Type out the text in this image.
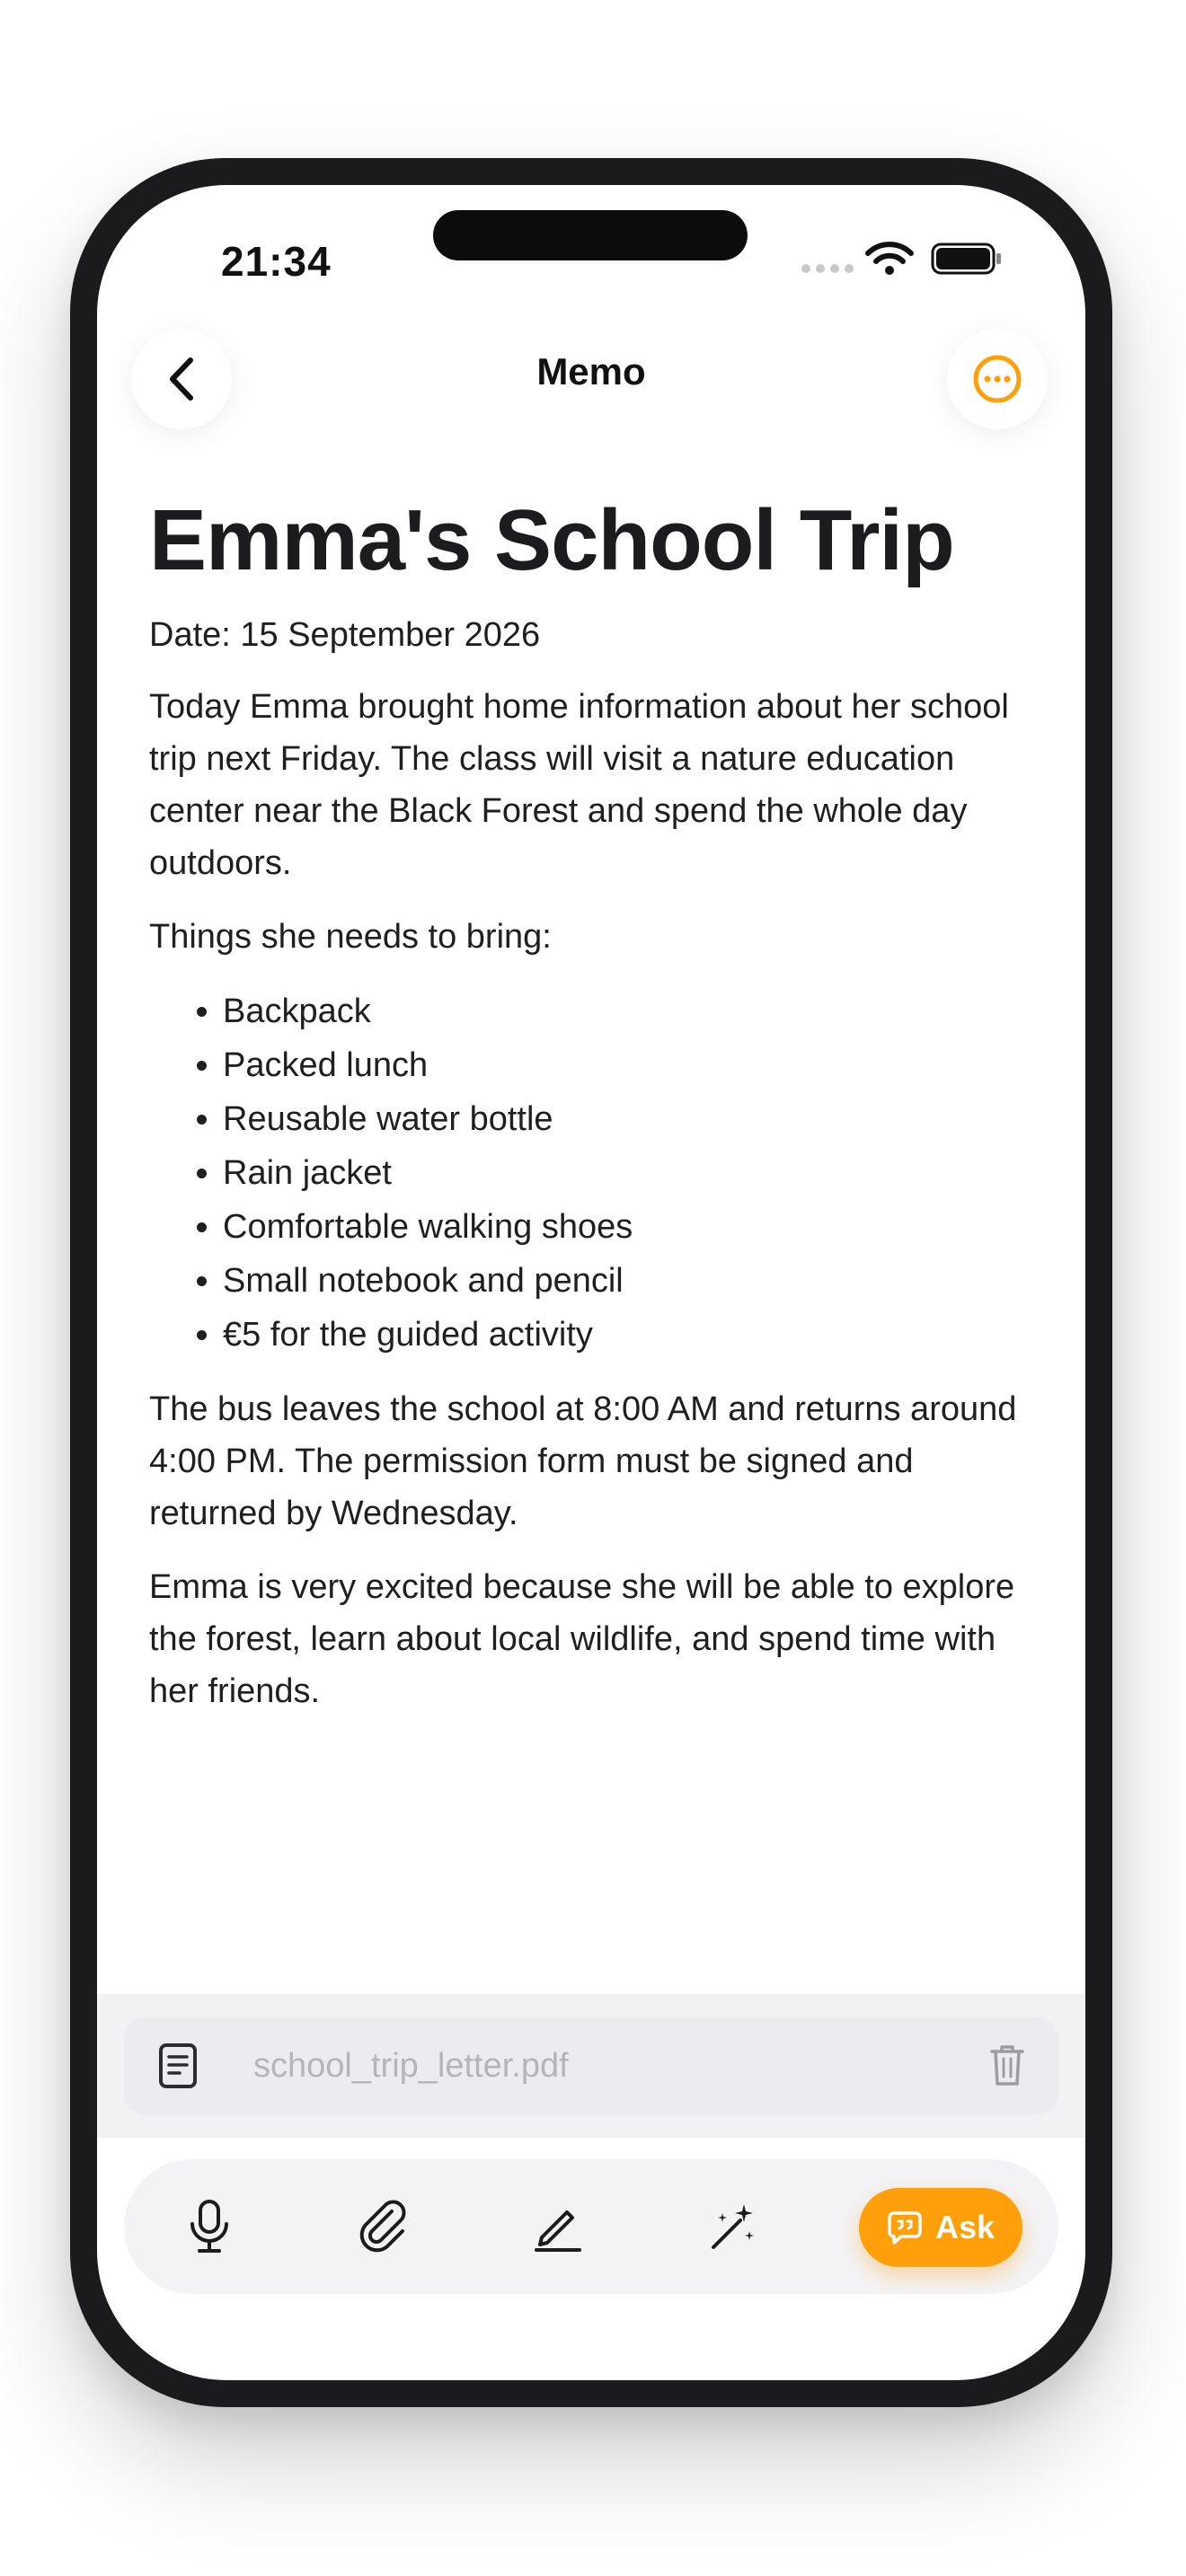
21:34
Memo
Emma's School Trip

Date: 15 September 2026

Today Emma brought home information about her school trip next Friday. The class will visit a nature education center near the Black Forest and spend the whole day outdoors.

Things she needs to bring:

• Backpack
• Packed lunch
• Reusable water bottle
• Rain jacket
• Comfortable walking shoes
• Small notebook and pencil
• €5 for the guided activity

The bus leaves the school at 8:00 AM and returns around 4:00 PM. The permission form must be signed and returned by Wednesday.

Emma is very excited because she will be able to explore the forest, learn about local wildlife, and spend time with her friends.

school_trip_letter.pdf
Ask
